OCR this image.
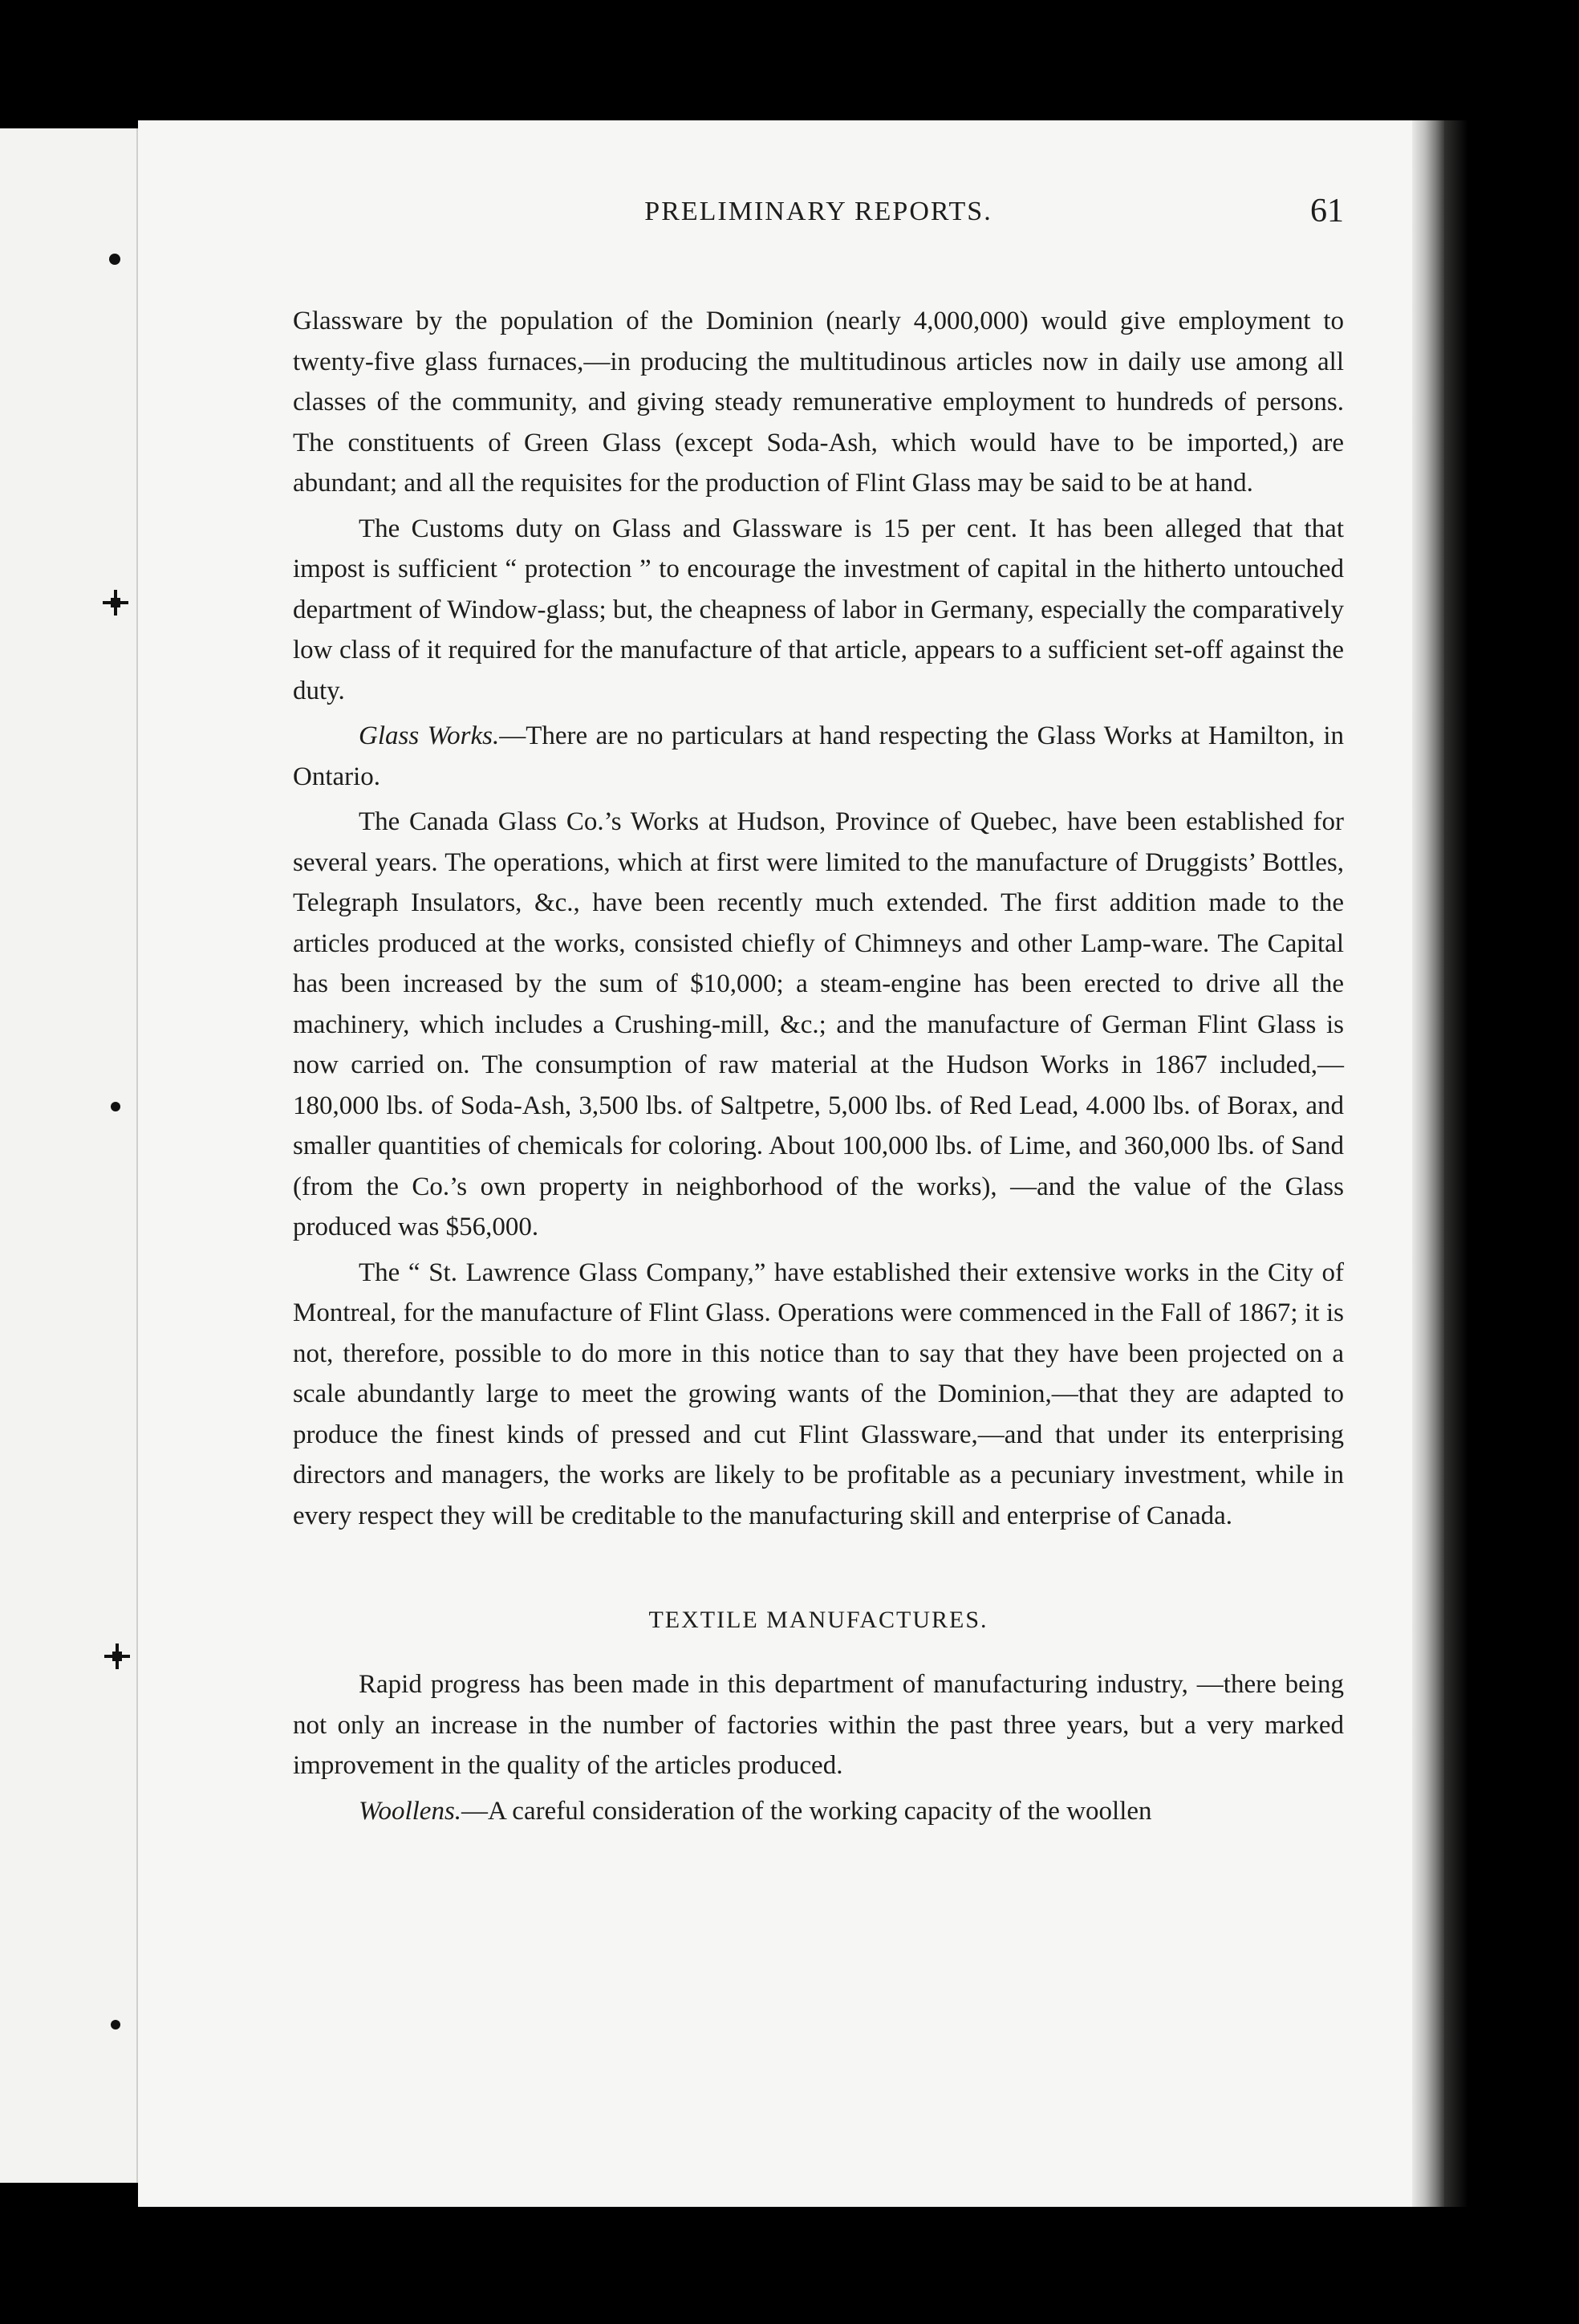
PRELIMINARY REPORTS.	61

Glassware by the population of the Dominion (nearly 4,000,000) would give employment to twenty-five glass furnaces,—in producing the multitudinous articles now in daily use among all classes of the community, and giving steady remunerative employment to hundreds of persons. The constituents of Green Glass (except Soda-Ash, which would have to be imported,) are abundant; and all the requisites for the production of Flint Glass may be said to be at hand.

The Customs duty on Glass and Glassware is 15 per cent. It has been alleged that that impost is sufficient “ protection ” to encourage the investment of capital in the hitherto untouched department of Window-glass; but, the cheapness of labor in Germany, especially the comparatively low class of it required for the manufacture of that article, appears to a sufficient set-off against the duty.

Glass Works.—There are no particulars at hand respecting the Glass Works at Hamilton, in Ontario.

The Canada Glass Co.’s Works at Hudson, Province of Quebec, have been established for several years. The operations, which at first were limited to the manufacture of Druggists’ Bottles, Telegraph Insulators, &c., have been recently much extended. The first addition made to the articles produced at the works, consisted chiefly of Chimneys and other Lamp-ware. The Capital has been increased by the sum of $10,000; a steam-engine has been erected to drive all the machinery, which includes a Crushing-mill, &c.; and the manufacture of German Flint Glass is now carried on. The consumption of raw material at the Hudson Works in 1867 included,—180,000 lbs. of Soda-Ash, 3,500 lbs. of Saltpetre, 5,000 lbs. of Red Lead, 4.000 lbs. of Borax, and smaller quantities of chemicals for coloring. About 100,000 lbs. of Lime, and 360,000 lbs. of Sand (from the Co.’s own property in neighborhood of the works), —and the value of the Glass produced was $56,000.

The “ St. Lawrence Glass Company,” have established their extensive works in the City of Montreal, for the manufacture of Flint Glass. Operations were commenced in the Fall of 1867; it is not, therefore, possible to do more in this notice than to say that they have been projected on a scale abundantly large to meet the growing wants of the Dominion,—that they are adapted to produce the finest kinds of pressed and cut Flint Glassware,—and that under its enterprising directors and managers, the works are likely to be profitable as a pecuniary investment, while in every respect they will be creditable to the manufacturing skill and enterprise of Canada.

TEXTILE MANUFACTURES.

Rapid progress has been made in this department of manufacturing industry, —there being not only an increase in the number of factories within the past three years, but a very marked improvement in the quality of the articles produced.

Woollens.—A careful consideration of the working capacity of the woollen
